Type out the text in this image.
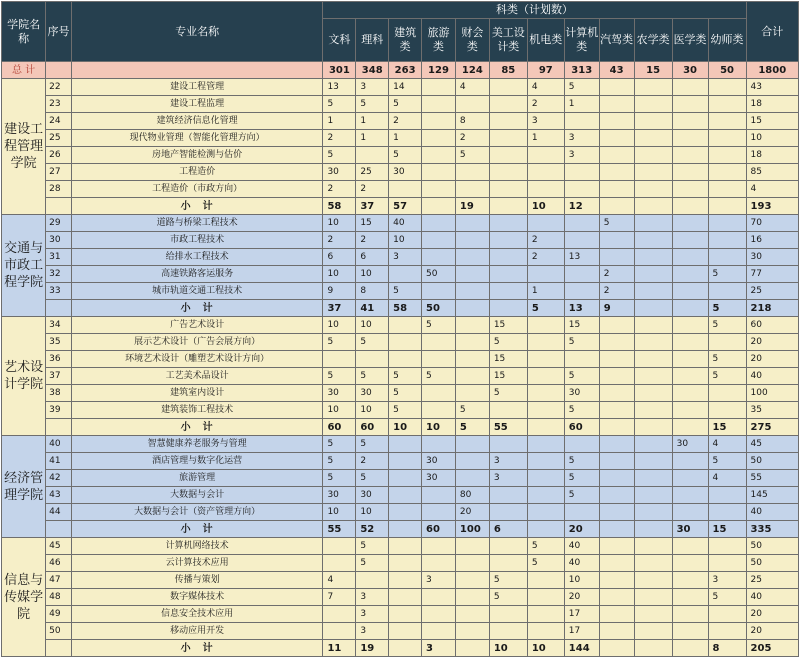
学院名称	序号	专业名称	科类（计划数）												合计
			文科	理科	建筑类	旅游类	财会类	美工设计类	机电类	计算机类	汽驾类	农学类	医学类	幼师类	
总 计			301	348	263	129	124	85	97	313	43	15	30	50	1800
建设工程管理学院	22	建设工程管理	13	3	14		4		4	5					43
	23	建设工程监理	5	5	5				2	1					18
	24	建筑经济信息化管理	1	1	2		8		3						15
	25	现代物业管理（智能化管理方向）	2	1	1		2		1	3					10
	26	房地产智能检测与估价	5		5		5			3					18
	27	工程造价	30	25	30										85
	28	工程造价（市政方向）	2	2											4
		小　计	58	37	57		19		10	12					193
交通与市政工程学院	29	道路与桥梁工程技术	10	15	40						5				70
	30	市政工程技术	2	2	10				2						16
	31	给排水工程技术	6	6	3				2	13					30
	32	高速铁路客运服务	10	10		50					2			5	77
	33	城市轨道交通工程技术	9	8	5				1		2				25
		小　计	37	41	58	50			5	13	9			5	218
艺术设计学院	34	广告艺术设计	10	10		5		15		15				5	60
	35	展示艺术设计（广告会展方向）	5	5				5		5					20
	36	环境艺术设计（雕塑艺术设计方向）						15						5	20
	37	工艺美术品设计	5	5	5	5		15		5				5	40
	38	建筑室内设计	30	30	5			5		30					100
	39	建筑装饰工程技术	10	10	5		5			5					35
		小　计	60	60	10	10	5	55		60				15	275
经济管理学院	40	智慧健康养老服务与管理	5	5									30	4	45
	41	酒店管理与数字化运营	5	2		30		3		5				5	50
	42	旅游管理	5	5		30		3		5				4	55
	43	大数据与会计	30	30			80			5					145
	44	大数据与会计（资产管理方向）	10	10			20								40
		小　计	55	52		60	100	6		20			30	15	335
信息与传媒学院	45	计算机网络技术		5					5	40					50
	46	云计算技术应用		5					5	40					50
	47	传播与策划	4			3		5		10				3	25
	48	数字媒体技术	7	3				5		20				5	40
	49	信息安全技术应用		3						17					20
	50	移动应用开发		3						17					20
		小　计	11	19		3		10	10	144				8	205
